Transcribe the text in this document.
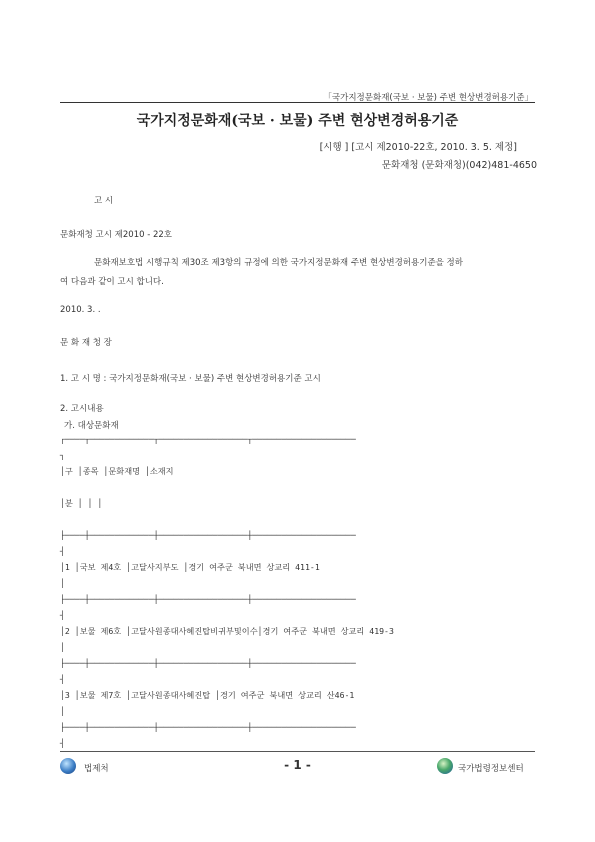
「국가지정문화재(국보 · 보물) 주변 현상변경허용기준」
국가지정문화재(국보 · 보물) 주변 현상변경허용기준
[시행 ] [고시 제2010-22호, 2010. 3. 5. 제정]
문화재청 (문화재청)(042)481-4650
고 시
문화재청 고시 제2010 - 22호
문화재보호법 시행규칙 제30조 제3항의 규정에 의한 국가지정문화재 주변 현상변경허용기준을 정하
여 다음과 같이 고시 합니다.
2010. 3. .
문 화 재 청 장
1. 고 시 명 : 국가지정문화재(국보 · 보물) 주변 현상변경허용기준 고시
2. 고시내용
가. 대상문화재
┌────┬─────────────┬──────────────────┬─────────────────────
┐
│구 │종목 │문화재명 │소재지
│분 │ │ │
├────┼─────────────┼──────────────────┼─────────────────────
┤
│1 │국보 제4호 │고달사지부도 │경기 여주군 북내면 상교리 411-1
│
├────┼─────────────┼──────────────────┼─────────────────────
┤
│2 │보물 제6호 │고달사원종대사혜진탑비귀부및이수│경기 여주군 북내면 상교리 419-3
│
├────┼─────────────┼──────────────────┼─────────────────────
┤
│3 │보물 제7호 │고달사원종대사혜진탑 │경기 여주군 북내면 상교리 산46-1
│
├────┼─────────────┼──────────────────┼─────────────────────
┤
법제처	- 1 -	국가법령정보센터
